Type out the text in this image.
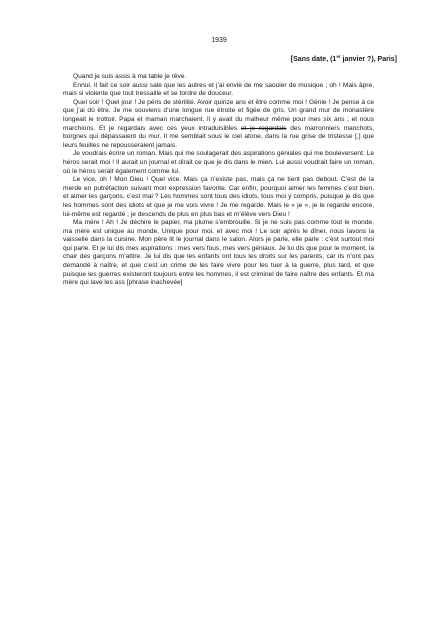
1939
[Sans date, (1er janvier ?), Paris]

Quand je suis assis à ma table je rêve.

Ennui. Il fait ce soir aussi sale que les autres et j’ai envie de me saouler de musique ; oh ! Mais âpre, mais si violente que tout tressaille et se tordre de douceur.

Quel soir ! Quel jour ! Je péris de stérilité. Avoir quinze ans et être comme moi ! Génie ! Je pense à ce que j’ai dû être. Je me souviens d’une longue rue étroite et figée de gris. Un grand mur de monastère longeait le trottoir. Papa et maman marchaient. Il y avait du malheur même pour mes six ans ; et nous marchions. Et je regardais avec ces yeux intraduisibles et je regardais des marronniers manchots, borgnes qui dépassaient du mur. Il me semblait sous le ciel atone, dans la rue grise de tristesse [,] que leurs feuilles ne repousseraient jamais.

Je voudrais écrire un roman. Mais qui me soulagerait des aspirations géniales qui me bouleversent. Le héros serait moi ! Il aurait un journal et dirait ce que je dis dans le mien. Lui aussi voudrait faire un roman, où le héros serait également comme lui.

Le vice, oh ! Mon Dieu ! Quel vice. Mais ça n’existe pas, mais ça ne tient pas debout. C’est de la merde en putréfaction suivant mon expression favorite. Car enfin, pourquoi aimer les femmes c’est bien, et aimer les garçons, c’est mal ? Les hommes sont tous des idiots, tous moi y compris, puisque je dis que les hommes sont des idiots et que je me vois vivre ! Je me regarde. Mais le « je », je le regarde encore, lui-même est regardé ; je descends de plus en plus bas et m’élève vers Dieu !

Ma mère ! Ah ! Je déchire le papier, ma plume s’embrouille. Si je ne suis pas comme tout le monde, ma mère est unique au monde, Unique pour moi, et avec moi ! Le soir après le dîner, nous lavons la vaisselle dans la cuisine. Mon père lit le journal dans le salon. Alors je parle, elle parle : c’est surtout moi qui parle. Et je lui dis mes aspirations : mes vers fous, mes vers géniaux. Je lui dis que pour le moment, la chair des garçons m’attire. Je lui dis que les enfants ont tous les droits sur les parents, car ils n’ont pas demandé à naître, et que c’est un crime de les faire vivre pour les tuer à la guerre, plus tard, et que puisque les guerres existeront toujours entre les hommes, il est criminel de faire naître des enfants. Et ma mère qui lave les ass [phrase inachevée]
